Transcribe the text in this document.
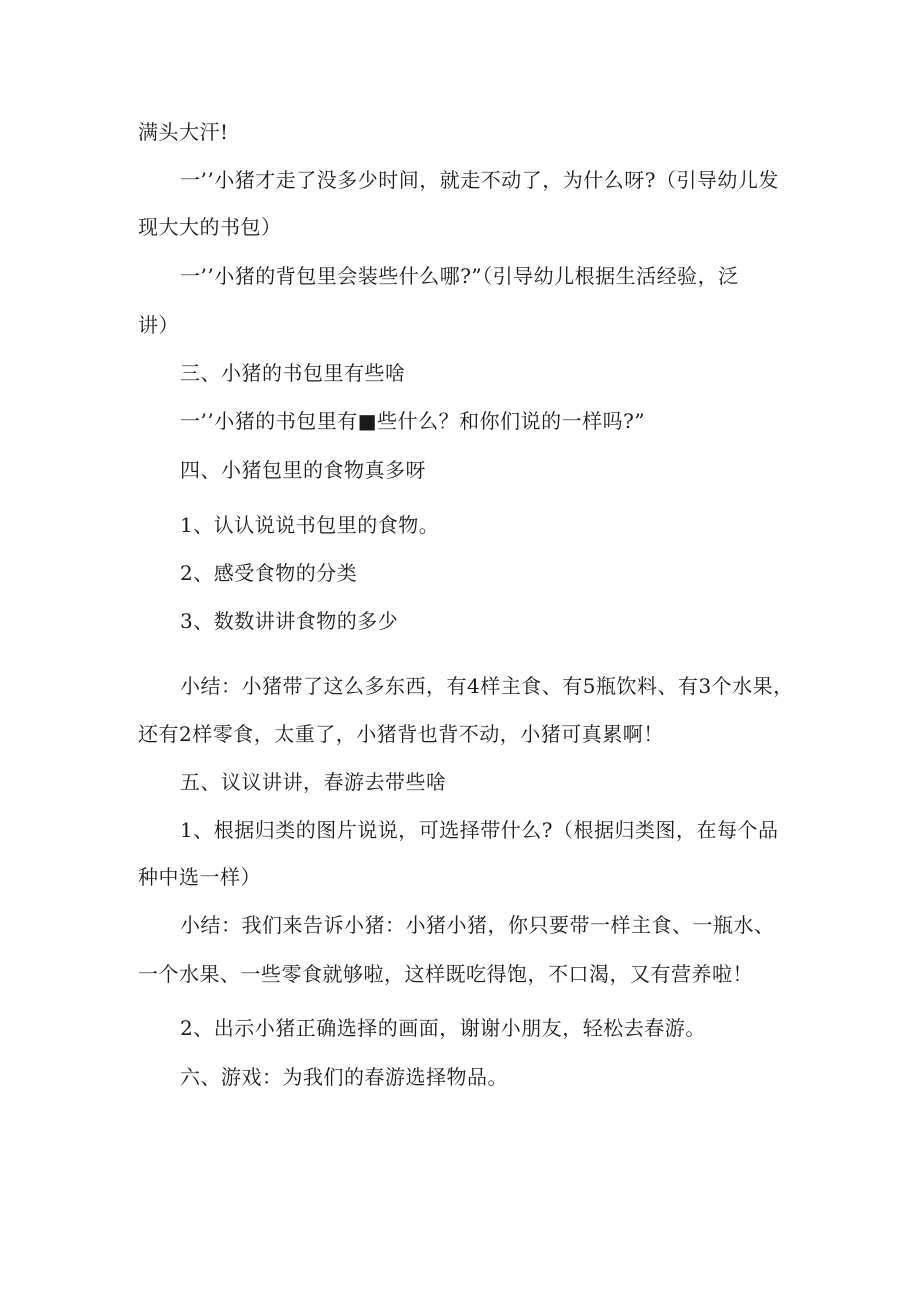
满头大汗!
一’’小猪才走了没多少时间，就走不动了，为什么呀?（引导幼儿发
现大大的书包）
一’’小猪的背包里会装些什么哪?”（引导幼儿根据生活经验，泛
讲）
三、小猪的书包里有些啥
一’’小猪的书包里有■些什么？和你们说的一样吗?”
四、小猪包里的食物真多呀
1、认认说说书包里的食物。
2、感受食物的分类
3、数数讲讲食物的多少
小结：小猪带了这么多东西，有4样主食、有5瓶饮料、有3个水果，
还有2样零食，太重了，小猪背也背不动，小猪可真累啊！
五、议议讲讲，春游去带些啥
1、根据归类的图片说说，可选择带什么?（根据归类图，在每个品
种中选一样）
小结：我们来告诉小猪：小猪小猪，你只要带一样主食、一瓶水、
一个水果、一些零食就够啦，这样既吃得饱，不口渴，又有营养啦！
2、出示小猪正确选择的画面，谢谢小朋友，轻松去春游。
六、游戏：为我们的春游选择物品。
